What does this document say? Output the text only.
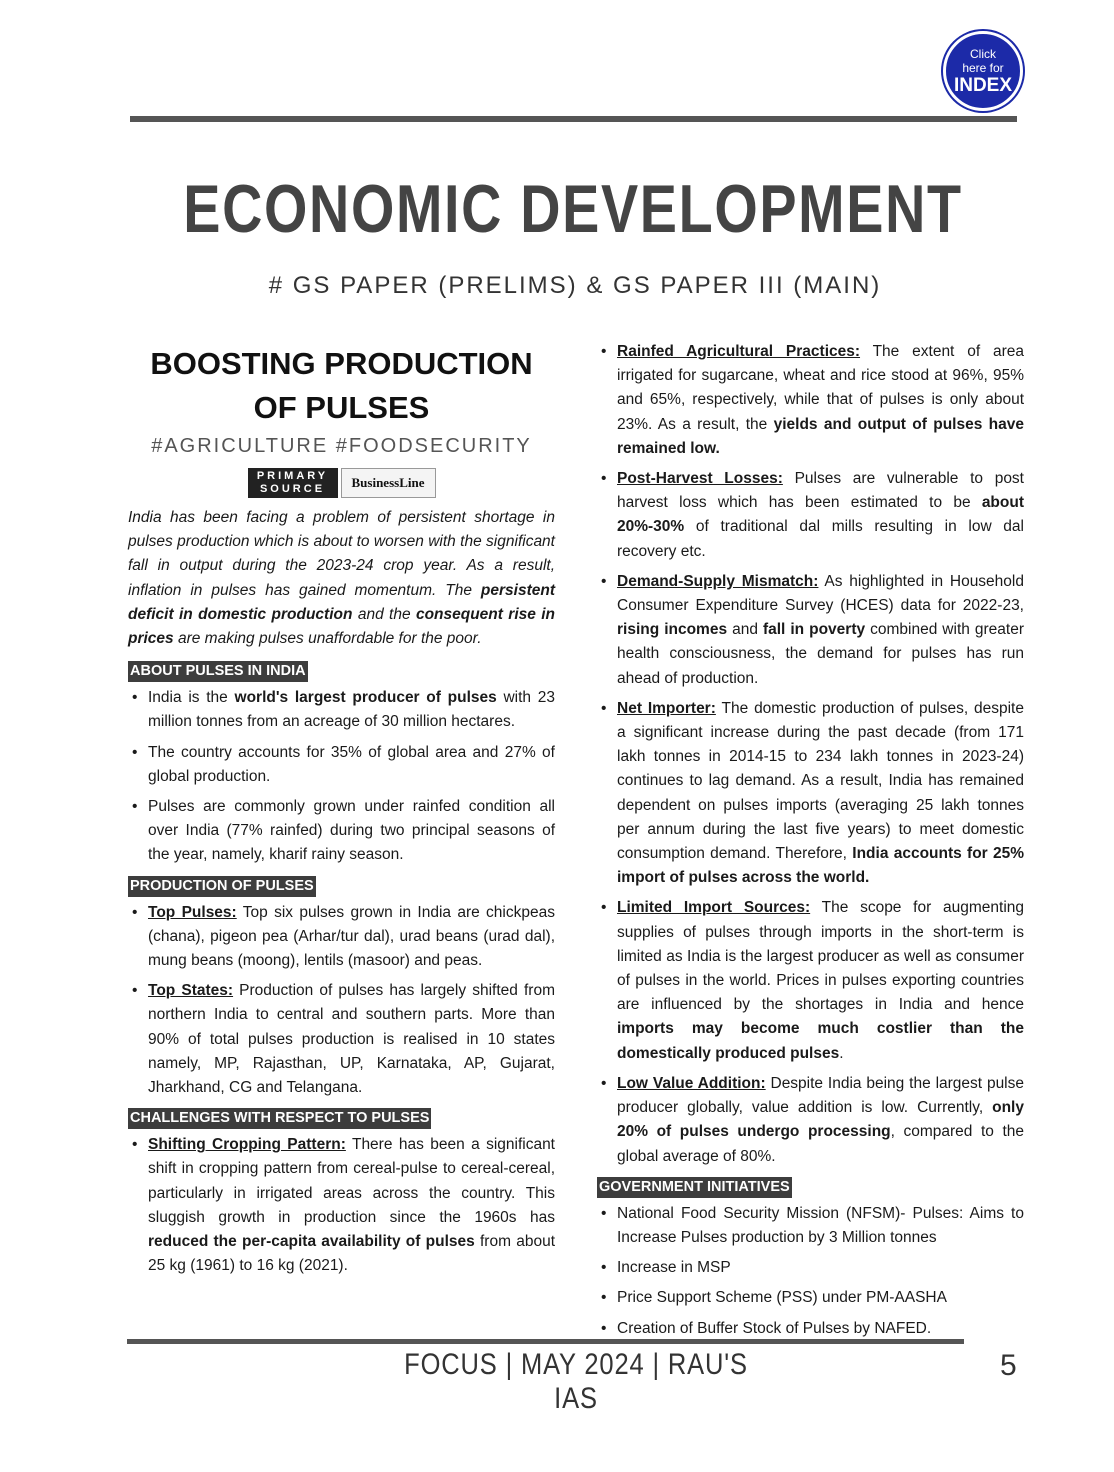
Click
here for
INDEX
ECONOMIC DEVELOPMENT
# GS PAPER (PRELIMS) & GS PAPER III (MAIN)
BOOSTING PRODUCTION
OF PULSES
#AGRICULTURE #FOODSECURITY
PRIMARY
SOURCE	BusinessLine

India has been facing a problem of persistent shortage in pulses production which is about to worsen with the significant fall in output during the 2023-24 crop year. As a result, inflation in pulses has gained momentum. The persistent deficit in domestic production and the consequent rise in prices are making pulses unaffordable for the poor.

ABOUT PULSES IN INDIA
• India is the world's largest producer of pulses with 23 million tonnes from an acreage of 30 million hectares.
• The country accounts for 35% of global area and 27% of global production.
• Pulses are commonly grown under rainfed condition all over India (77% rainfed) during two principal seasons of the year, namely, kharif rainy season.
PRODUCTION OF PULSES
• Top Pulses: Top six pulses grown in India are chickpeas (chana), pigeon pea (Arhar/tur dal), urad beans (urad dal), mung beans (moong), lentils (masoor) and peas.
• Top States: Production of pulses has largely shifted from northern India to central and southern parts. More than 90% of total pulses production is realised in 10 states namely, MP, Rajasthan, UP, Karnataka, AP, Gujarat, Jharkhand, CG and Telangana.
CHALLENGES WITH RESPECT TO PULSES
• Shifting Cropping Pattern: There has been a significant shift in cropping pattern from cereal-pulse to cereal-cereal, particularly in irrigated areas across the country. This sluggish growth in production since the 1960s has reduced the per-capita availability of pulses from about 25 kg (1961) to 16 kg (2021).
• Rainfed Agricultural Practices: The extent of area irrigated for sugarcane, wheat and rice stood at 96%, 95% and 65%, respectively, while that of pulses is only about 23%. As a result, the yields and output of pulses have remained low.
• Post-Harvest Losses: Pulses are vulnerable to post harvest loss which has been estimated to be about 20%-30% of traditional dal mills resulting in low dal recovery etc.
• Demand-Supply Mismatch: As highlighted in Household Consumer Expenditure Survey (HCES) data for 2022-23, rising incomes and fall in poverty combined with greater health consciousness, the demand for pulses has run ahead of production.
• Net Importer: The domestic production of pulses, despite a significant increase during the past decade (from 171 lakh tonnes in 2014-15 to 234 lakh tonnes in 2023-24) continues to lag demand. As a result, India has remained dependent on pulses imports (averaging 25 lakh tonnes per annum during the last five years) to meet domestic consumption demand. Therefore, India accounts for 25% import of pulses across the world.
• Limited Import Sources: The scope for augmenting supplies of pulses through imports in the short-term is limited as India is the largest producer as well as consumer of pulses in the world. Prices in pulses exporting countries are influenced by the shortages in India and hence imports may become much costlier than the domestically produced pulses.
• Low Value Addition: Despite India being the largest pulse producer globally, value addition is low. Currently, only 20% of pulses undergo processing, compared to the global average of 80%.
GOVERNMENT INITIATIVES
• National Food Security Mission (NFSM)- Pulses: Aims to Increase Pulses production by 3 Million tonnes
• Increase in MSP
• Price Support Scheme (PSS) under PM-AASHA
• Creation of Buffer Stock of Pulses by NAFED.
FOCUS | MAY 2024 | RAU'S IAS
5
